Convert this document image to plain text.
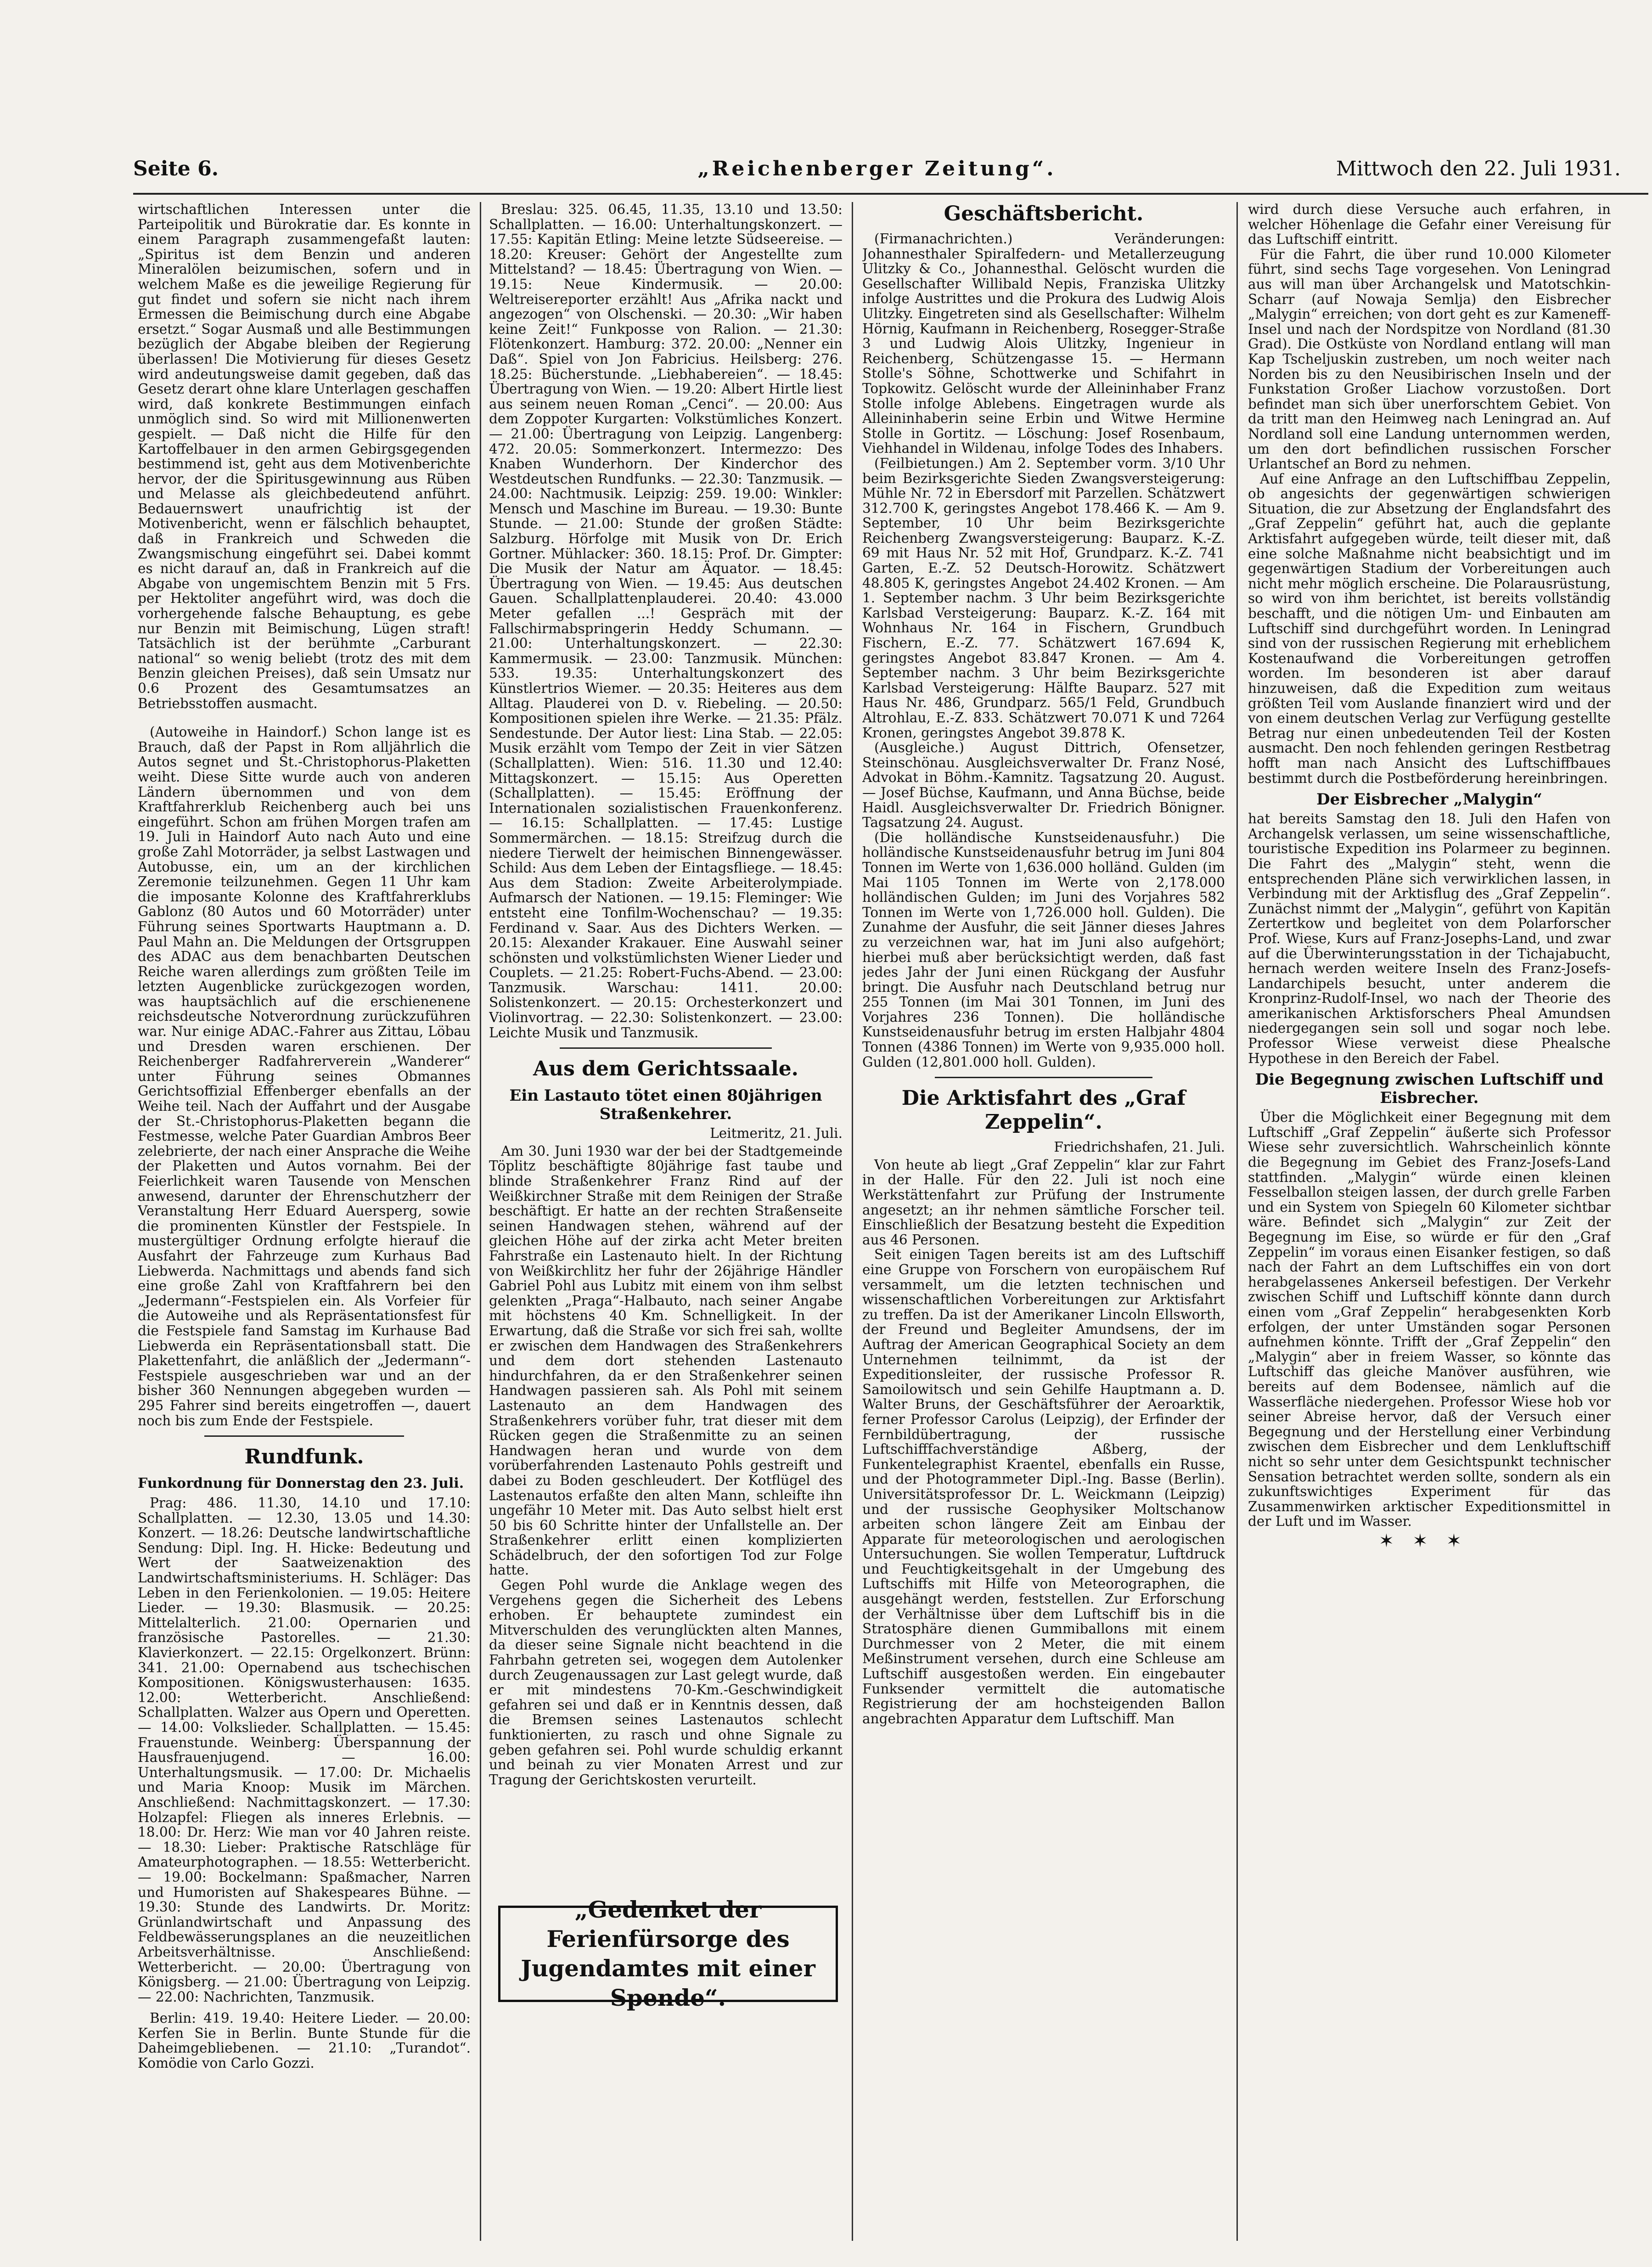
Seite 6.	„Reichenberger Zeitung“.	Mittwoch den 22. Juli 1931.

wirtschaftlichen Interessen unter die Parteipolitik und Bürokratie dar. Es konnte in einem Paragraph zusammengefaßt lauten: „Spiritus ist dem Benzin und anderen Mineralölen beizumischen, sofern und in welchem Maße es die jeweilige Regierung für gut findet und sofern sie nicht nach ihrem Ermessen die Beimischung durch eine Abgabe ersetzt.“ Sogar Ausmaß und alle Bestimmungen bezüglich der Abgabe bleiben der Regierung überlassen! Die Motivierung für dieses Gesetz wird andeutungsweise damit gegeben, daß das Gesetz derart ohne klare Unterlagen geschaffen wird, daß konkrete Bestimmungen einfach unmöglich sind. So wird mit Millionenwerten gespielt. — Daß nicht die Hilfe für den Kartoffelbauer in den armen Gebirgsgegenden bestimmend ist, geht aus dem Motivenberichte hervor, der die Spiritusgewinnung aus Rüben und Melasse als gleichbedeutend anführt. Bedauernswert unaufrichtig ist der Motivenbericht, wenn er fälschlich behauptet, daß in Frankreich und Schweden die Zwangsmischung eingeführt sei. Dabei kommt es nicht darauf an, daß in Frankreich auf die Abgabe von ungemischtem Benzin mit 5 Frs. per Hektoliter angeführt wird, was doch die vorhergehende falsche Behauptung, es gebe nur Benzin mit Beimischung, Lügen straft! Tatsächlich ist der berühmte „Carburant national“ so wenig beliebt (trotz des mit dem Benzin gleichen Preises), daß sein Umsatz nur 0.6 Prozent des Gesamtumsatzes an Betriebsstoffen ausmacht.

(Autoweihe in Haindorf.) Schon lange ist es Brauch, daß der Papst in Rom alljährlich die Autos segnet und St.-Christophorus-Plaketten weiht. Diese Sitte wurde auch von anderen Ländern übernommen und von dem Kraftfahrerklub Reichenberg auch bei uns eingeführt. Schon am frühen Morgen trafen am 19. Juli in Haindorf Auto nach Auto und eine große Zahl Motorräder, ja selbst Lastwagen und Autobusse, ein, um an der kirchlichen Zeremonie teilzunehmen. Gegen 11 Uhr kam die imposante Kolonne des Kraftfahrerklubs Gablonz (80 Autos und 60 Motorräder) unter Führung seines Sportwarts Hauptmann a. D. Paul Mahn an. Die Meldungen der Ortsgruppen des ADAC aus dem benachbarten Deutschen Reiche waren allerdings zum größten Teile im letzten Augenblicke zurückgezogen worden, was hauptsächlich auf die erschienenene reichsdeutsche Notverordnung zurückzuführen war. Nur einige ADAC.-Fahrer aus Zittau, Löbau und Dresden waren erschienen. Der Reichenberger Radfahrerverein „Wanderer“ unter Führung seines Obmannes Gerichtsoffizial Effenberger ebenfalls an der Weihe teil. Nach der Auffahrt und der Ausgabe der St.-Christophorus-Plaketten begann die Festmesse, welche Pater Guardian Ambros Beer zelebrierte, der nach einer Ansprache die Weihe der Plaketten und Autos vornahm. Bei der Feierlichkeit waren Tausende von Menschen anwesend, darunter der Ehrenschutzherr der Veranstaltung Herr Eduard Auersperg, sowie die prominenten Künstler der Festspiele. In mustergültiger Ordnung erfolgte hierauf die Ausfahrt der Fahrzeuge zum Kurhaus Bad Liebwerda. Nachmittags und abends fand sich eine große Zahl von Kraftfahrern bei den „Jedermann“-Festspielen ein. Als Vorfeier für die Autoweihe und als Repräsentationsfest für die Festspiele fand Samstag im Kurhause Bad Liebwerda ein Repräsentationsball statt. Die Plakettenfahrt, die anläßlich der „Jedermann“-Festspiele ausgeschrieben war und an der bisher 360 Nennungen abgegeben wurden — 295 Fahrer sind bereits eingetroffen —, dauert noch bis zum Ende der Festspiele.

Rundfunk.
Funkordnung für Donnerstag den 23. Juli.

Prag: 486. 11.30, 14.10 und 17.10: Schallplatten. — 12.30, 13.05 und 14.30: Konzert. — 18.26: Deutsche landwirtschaftliche Sendung: Dipl. Ing. H. Hicke: Bedeutung und Wert der Saatweizenaktion des Landwirtschaftsministeriums. H. Schläger: Das Leben in den Ferienkolonien. — 19.05: Heitere Lieder. — 19.30: Blasmusik. — 20.25: Mittelalterlich. 21.00: Opernarien und französische Pastorelles. — 21.30: Klavierkonzert. — 22.15: Orgelkonzert. Brünn: 341. 21.00: Opernabend aus tschechischen Kompositionen. Königswusterhausen: 1635. 12.00: Wetterbericht. Anschließend: Schallplatten. Walzer aus Opern und Operetten. — 14.00: Volkslieder. Schallplatten. — 15.45: Frauenstunde. Weinberg: Überspannung der Hausfrauenjugend. — 16.00: Unterhaltungsmusik. — 17.00: Dr. Michaelis und Maria Knoop: Musik im Märchen. Anschließend: Nachmittagskonzert. — 17.30: Holzapfel: Fliegen als inneres Erlebnis. — 18.00: Dr. Herz: Wie man vor 40 Jahren reiste. — 18.30: Lieber: Praktische Ratschläge für Amateurphotographen. — 18.55: Wetterbericht. — 19.00: Bockelmann: Spaßmacher, Narren und Humoristen auf Shakespeares Bühne. — 19.30: Stunde des Landwirts. Dr. Moritz: Grünlandwirtschaft und Anpassung des Feldbewässerungsplanes an die neuzeitlichen Arbeitsverhältnisse. Anschließend: Wetterbericht. — 20.00: Übertragung von Königsberg. — 21.00: Übertragung von Leipzig. — 22.00: Nachrichten, Tanzmusik.

Berlin: 419. 19.40: Heitere Lieder. — 20.00: Kerfen Sie in Berlin. Bunte Stunde für die Daheimgebliebenen. — 21.10: „Turandot“. Komödie von Carlo Gozzi.

Breslau: 325. 06.45, 11.35, 13.10 und 13.50: Schallplatten. — 16.00: Unterhaltungskonzert. — 17.55: Kapitän Etling: Meine letzte Südseereise. — 18.20: Kreuser: Gehört der Angestellte zum Mittelstand? — 18.45: Übertragung von Wien. — 19.15: Neue Kindermusik. — 20.00: Weltreisereporter erzählt! Aus „Afrika nackt und angezogen“ von Olschenski. — 20.30: „Wir haben keine Zeit!“ Funkposse von Ralion. — 21.30: Flötenkonzert. Hamburg: 372. 20.00: „Nenner ein Daß“. Spiel von Jon Fabricius. Heilsberg: 276. 18.25: Bücherstunde. „Liebhabereien“. — 18.45: Übertragung von Wien. — 19.20: Albert Hirtle liest aus seinem neuen Roman „Cenci“. — 20.00: Aus dem Zoppoter Kurgarten: Volkstümliches Konzert. — 21.00: Übertragung von Leipzig. Langenberg: 472. 20.05: Sommerkonzert. Intermezzo: Des Knaben Wunderhorn. Der Kinderchor des Westdeutschen Rundfunks. — 22.30: Tanzmusik. — 24.00: Nachtmusik. Leipzig: 259. 19.00: Winkler: Mensch und Maschine im Bureau. — 19.30: Bunte Stunde. — 21.00: Stunde der großen Städte: Salzburg. Hörfolge mit Musik von Dr. Erich Gortner. Mühlacker: 360. 18.15: Prof. Dr. Gimpter: Die Musik der Natur am Äquator. — 18.45: Übertragung von Wien. — 19.45: Aus deutschen Gauen. Schallplattenplauderei. 20.40: 43.000 Meter gefallen ...! Gespräch mit der Fallschirmabspringerin Heddy Schumann. — 21.00: Unterhaltungskonzert. — 22.30: Kammermusik. — 23.00: Tanzmusik. München: 533. 19.35: Unterhaltungskonzert des Künstlertrios Wiemer. — 20.35: Heiteres aus dem Alltag. Plauderei von D. v. Riebeling. — 20.50: Kompositionen spielen ihre Werke. — 21.35: Pfälz. Sendestunde. Der Autor liest: Lina Stab. — 22.05: Musik erzählt vom Tempo der Zeit in vier Sätzen (Schallplatten). Wien: 516. 11.30 und 12.40: Mittagskonzert. — 15.15: Aus Operetten (Schallplatten). — 15.45: Eröffnung der Internationalen sozialistischen Frauenkonferenz. — 16.15: Schallplatten. — 17.45: Lustige Sommermärchen. — 18.15: Streifzug durch die niedere Tierwelt der heimischen Binnengewässer. Schild: Aus dem Leben der Eintagsfliege. — 18.45: Aus dem Stadion: Zweite Arbeiterolympiade. Aufmarsch der Nationen. — 19.15: Fleminger: Wie entsteht eine Tonfilm-Wochenschau? — 19.35: Ferdinand v. Saar. Aus des Dichters Werken. — 20.15: Alexander Krakauer. Eine Auswahl seiner schönsten und volkstümlichsten Wiener Lieder und Couplets. — 21.25: Robert-Fuchs-Abend. — 23.00: Tanzmusik. Warschau: 1411. 20.00: Solistenkonzert. — 20.15: Orchesterkonzert und Violinvortrag. — 22.30: Solistenkonzert. — 23.00: Leichte Musik und Tanzmusik.

Aus dem Gerichtssaale.
Ein Lastauto tötet einen 80jährigen Straßenkehrer.
Leitmeritz, 21. Juli.

Am 30. Juni 1930 war der bei der Stadtgemeinde Töplitz beschäftigte 80jährige fast taube und blinde Straßenkehrer Franz Rind auf der Weißkirchner Straße mit dem Reinigen der Straße beschäftigt. Er hatte an der rechten Straßenseite seinen Handwagen stehen, während auf der gleichen Höhe auf der zirka acht Meter breiten Fahrstraße ein Lastenauto hielt. In der Richtung von Weißkirchlitz her fuhr der 26jährige Händler Gabriel Pohl aus Lubitz mit einem von ihm selbst gelenkten „Praga“-Halbauto, nach seiner Angabe mit höchstens 40 Km. Schnelligkeit. In der Erwartung, daß die Straße vor sich frei sah, wollte er zwischen dem Handwagen des Straßenkehrers und dem dort stehenden Lastenauto hindurchfahren, da er den Straßenkehrer seinen Handwagen passieren sah. Als Pohl mit seinem Lastenauto an dem Handwagen des Straßenkehrers vorüber fuhr, trat dieser mit dem Rücken gegen die Straßenmitte zu an seinen Handwagen heran und wurde von dem vorüberfahrenden Lastenauto Pohls gestreift und dabei zu Boden geschleudert. Der Kotflügel des Lastenautos erfaßte den alten Mann, schleifte ihn ungefähr 10 Meter mit. Das Auto selbst hielt erst 50 bis 60 Schritte hinter der Unfallstelle an. Der Straßenkehrer erlitt einen komplizierten Schädelbruch, der den sofortigen Tod zur Folge hatte.

Gegen Pohl wurde die Anklage wegen des Vergehens gegen die Sicherheit des Lebens erhoben. Er behauptete zumindest ein Mitverschulden des verunglückten alten Mannes, da dieser seine Signale nicht beachtend in die Fahrbahn getreten sei, wogegen dem Autolenker durch Zeugenaussagen zur Last gelegt wurde, daß er mit mindestens 70-Km.-Geschwindigkeit gefahren sei und daß er in Kenntnis dessen, daß die Bremsen seines Lastenautos schlecht funktionierten, zu rasch und ohne Signale zu geben gefahren sei. Pohl wurde schuldig erkannt und beinah zu vier Monaten Arrest und zur Tragung der Gerichtskosten verurteilt.

„Gedenket der Ferienfürsorge des Jugendamtes mit einer Spende“.
Geschäftsbericht.

(Firmanachrichten.) Veränderungen: Johannesthaler Spiralfedern- und Metallerzeugung Ulitzky & Co., Johannesthal. Gelöscht wurden die Gesellschafter Willibald Nepis, Franziska Ulitzky infolge Austrittes und die Prokura des Ludwig Alois Ulitzky. Eingetreten sind als Gesellschafter: Wilhelm Hörnig, Kaufmann in Reichenberg, Rosegger-Straße 3 und Ludwig Alois Ulitzky, Ingenieur in Reichenberg, Schützengasse 15. — Hermann Stolle's Söhne, Schottwerke und Schifahrt in Topkowitz. Gelöscht wurde der Alleininhaber Franz Stolle infolge Ablebens. Eingetragen wurde als Alleininhaberin seine Erbin und Witwe Hermine Stolle in Gortitz. — Löschung: Josef Rosenbaum, Viehhandel in Wildenau, infolge Todes des Inhabers.

(Feilbietungen.) Am 2. September vorm. 3/10 Uhr beim Bezirksgerichte Sieden Zwangsversteigerung: Mühle Nr. 72 in Ebersdorf mit Parzellen. Schätzwert 312.700 K, geringstes Angebot 178.466 K. — Am 9. September, 10 Uhr beim Bezirksgerichte Reichenberg Zwangsversteigerung: Bauparz. K.-Z. 69 mit Haus Nr. 52 mit Hof, Grundparz. K.-Z. 741 Garten, E.-Z. 52 Deutsch-Horowitz. Schätzwert 48.805 K, geringstes Angebot 24.402 Kronen. — Am 1. September nachm. 3 Uhr beim Bezirksgerichte Karlsbad Versteigerung: Bauparz. K.-Z. 164 mit Wohnhaus Nr. 164 in Fischern, Grundbuch Fischern, E.-Z. 77. Schätzwert 167.694 K, geringstes Angebot 83.847 Kronen. — Am 4. September nachm. 3 Uhr beim Bezirksgerichte Karlsbad Versteigerung: Hälfte Bauparz. 527 mit Haus Nr. 486, Grundparz. 565/1 Feld, Grundbuch Altrohlau, E.-Z. 833. Schätzwert 70.071 K und 7264 Kronen, geringstes Angebot 39.878 K.

(Ausgleiche.) August Dittrich, Ofensetzer, Steinschönau. Ausgleichsverwalter Dr. Franz Nosé, Advokat in Böhm.-Kamnitz. Tagsatzung 20. August. — Josef Büchse, Kaufmann, und Anna Büchse, beide Haidl. Ausgleichsverwalter Dr. Friedrich Bönigner. Tagsatzung 24. August.

(Die holländische Kunstseidenausfuhr.) Die holländische Kunstseidenausfuhr betrug im Juni 804 Tonnen im Werte von 1,636.000 holländ. Gulden (im Mai 1105 Tonnen im Werte von 2,178.000 holländischen Gulden; im Juni des Vorjahres 582 Tonnen im Werte von 1,726.000 holl. Gulden). Die Zunahme der Ausfuhr, die seit Jänner dieses Jahres zu verzeichnen war, hat im Juni also aufgehört; hierbei muß aber berücksichtigt werden, daß fast jedes Jahr der Juni einen Rückgang der Ausfuhr bringt. Die Ausfuhr nach Deutschland betrug nur 255 Tonnen (im Mai 301 Tonnen, im Juni des Vorjahres 236 Tonnen). Die holländische Kunstseidenausfuhr betrug im ersten Halbjahr 4804 Tonnen (4386 Tonnen) im Werte von 9,935.000 holl. Gulden (12,801.000 holl. Gulden).

Die Arktisfahrt des „Graf Zeppelin“.
Friedrichshafen, 21. Juli.

Von heute ab liegt „Graf Zeppelin“ klar zur Fahrt in der Halle. Für den 22. Juli ist noch eine Werkstättenfahrt zur Prüfung der Instrumente angesetzt; an ihr nehmen sämtliche Forscher teil. Einschließlich der Besatzung besteht die Expedition aus 46 Personen.

Seit einigen Tagen bereits ist am des Luftschiff eine Gruppe von Forschern von europäischem Ruf versammelt, um die letzten technischen und wissenschaftlichen Vorbereitungen zur Arktisfahrt zu treffen. Da ist der Amerikaner Lincoln Ellsworth, der Freund und Begleiter Amundsens, der im Auftrag der American Geographical Society an dem Unternehmen teilnimmt, da ist der Expeditionsleiter, der russische Professor R. Samoilowitsch und sein Gehilfe Hauptmann a. D. Walter Bruns, der Geschäftsführer der Aeroarktik, ferner Professor Carolus (Leipzig), der Erfinder der Fernbildübertragung, der russische Luftschifffachverständige Aßberg, der Funkentelegraphist Kraentel, ebenfalls ein Russe, und der Photogrammeter Dipl.-Ing. Basse (Berlin). Universitätsprofessor Dr. L. Weickmann (Leipzig) und der russische Geophysiker Moltschanow arbeiten schon längere Zeit am Einbau der Apparate für meteorologischen und aerologischen Untersuchungen. Sie wollen Temperatur, Luftdruck und Feuchtigkeitsgehalt in der Umgebung des Luftschiffs mit Hilfe von Meteorographen, die ausgehängt werden, feststellen. Zur Erforschung der Verhältnisse über dem Luftschiff bis in die Stratosphäre dienen Gummiballons mit einem Durchmesser von 2 Meter, die mit einem Meßinstrument versehen, durch eine Schleuse am Luftschiff ausgestoßen werden. Ein eingebauter Funksender vermittelt die automatische Registrierung der am hochsteigenden Ballon angebrachten Apparatur dem Luftschiff. Man

wird durch diese Versuche auch erfahren, in welcher Höhenlage die Gefahr einer Vereisung für das Luftschiff eintritt.

Für die Fahrt, die über rund 10.000 Kilometer führt, sind sechs Tage vorgesehen. Von Leningrad aus will man über Archangelsk und Matotschkin-Scharr (auf Nowaja Semlja) den Eisbrecher „Malygin“ erreichen; von dort geht es zur Kameneff-Insel und nach der Nordspitze von Nordland (81.30 Grad). Die Ostküste von Nordland entlang will man Kap Tscheljuskin zustreben, um noch weiter nach Norden bis zu den Neusibirischen Inseln und der Funkstation Großer Liachow vorzustoßen. Dort befindet man sich über unerforschtem Gebiet. Von da tritt man den Heimweg nach Leningrad an. Auf Nordland soll eine Landung unternommen werden, um den dort befindlichen russischen Forscher Urlantschef an Bord zu nehmen.

Auf eine Anfrage an den Luftschiffbau Zeppelin, ob angesichts der gegenwärtigen schwierigen Situation, die zur Absetzung der Englandsfahrt des „Graf Zeppelin“ geführt hat, auch die geplante Arktisfahrt aufgegeben würde, teilt dieser mit, daß eine solche Maßnahme nicht beabsichtigt und im gegenwärtigen Stadium der Vorbereitungen auch nicht mehr möglich erscheine. Die Polarausrüstung, so wird von ihm berichtet, ist bereits vollständig beschafft, und die nötigen Um- und Einbauten am Luftschiff sind durchgeführt worden. In Leningrad sind von der russischen Regierung mit erheblichem Kostenaufwand die Vorbereitungen getroffen worden. Im besonderen ist aber darauf hinzuweisen, daß die Expedition zum weitaus größten Teil vom Auslande finanziert wird und der von einem deutschen Verlag zur Verfügung gestellte Betrag nur einen unbedeutenden Teil der Kosten ausmacht. Den noch fehlenden geringen Restbetrag hofft man nach Ansicht des Luftschiffbaues bestimmt durch die Postbeförderung hereinbringen.

Der Eisbrecher „Malygin“

hat bereits Samstag den 18. Juli den Hafen von Archangelsk verlassen, um seine wissenschaftliche, touristische Expedition ins Polarmeer zu beginnen. Die Fahrt des „Malygin“ steht, wenn die entsprechenden Pläne sich verwirklichen lassen, in Verbindung mit der Arktisflug des „Graf Zeppelin“. Zunächst nimmt der „Malygin“, geführt von Kapitän Zertertkow und begleitet von dem Polarforscher Prof. Wiese, Kurs auf Franz-Josephs-Land, und zwar auf die Überwinterungsstation in der Tichajabucht, hernach werden weitere Inseln des Franz-Josefs-Landarchipels besucht, unter anderem die Kronprinz-Rudolf-Insel, wo nach der Theorie des amerikanischen Arktisforschers Pheal Amundsen niedergegangen sein soll und sogar noch lebe. Professor Wiese verweist diese Phealsche Hypothese in den Bereich der Fabel.

Die Begegnung zwischen Luftschiff und Eisbrecher.

Über die Möglichkeit einer Begegnung mit dem Luftschiff „Graf Zeppelin“ äußerte sich Professor Wiese sehr zuversichtlich. Wahrscheinlich könnte die Begegnung im Gebiet des Franz-Josefs-Land stattfinden. „Malygin“ würde einen kleinen Fesselballon steigen lassen, der durch grelle Farben und ein System von Spiegeln 60 Kilometer sichtbar wäre. Befindet sich „Malygin“ zur Zeit der Begegnung im Eise, so würde er für den „Graf Zeppelin“ im voraus einen Eisanker festigen, so daß nach der Fahrt an dem Luftschiffes ein von dort herabgelassenes Ankerseil befestigen. Der Verkehr zwischen Schiff und Luftschiff könnte dann durch einen vom „Graf Zeppelin“ herabgesenkten Korb erfolgen, der unter Umständen sogar Personen aufnehmen könnte. Trifft der „Graf Zeppelin“ den „Malygin“ aber in freiem Wasser, so könnte das Luftschiff das gleiche Manöver ausführen, wie bereits auf dem Bodensee, nämlich auf die Wasserfläche niedergehen. Professor Wiese hob vor seiner Abreise hervor, daß der Versuch einer Begegnung und der Herstellung einer Verbindung zwischen dem Eisbrecher und dem Lenkluftschiff nicht so sehr unter dem Gesichtspunkt technischer Sensation betrachtet werden sollte, sondern als ein zukunftswichtiges Experiment für das Zusammenwirken arktischer Expeditionsmittel in der Luft und im Wasser.

✶✶✶
